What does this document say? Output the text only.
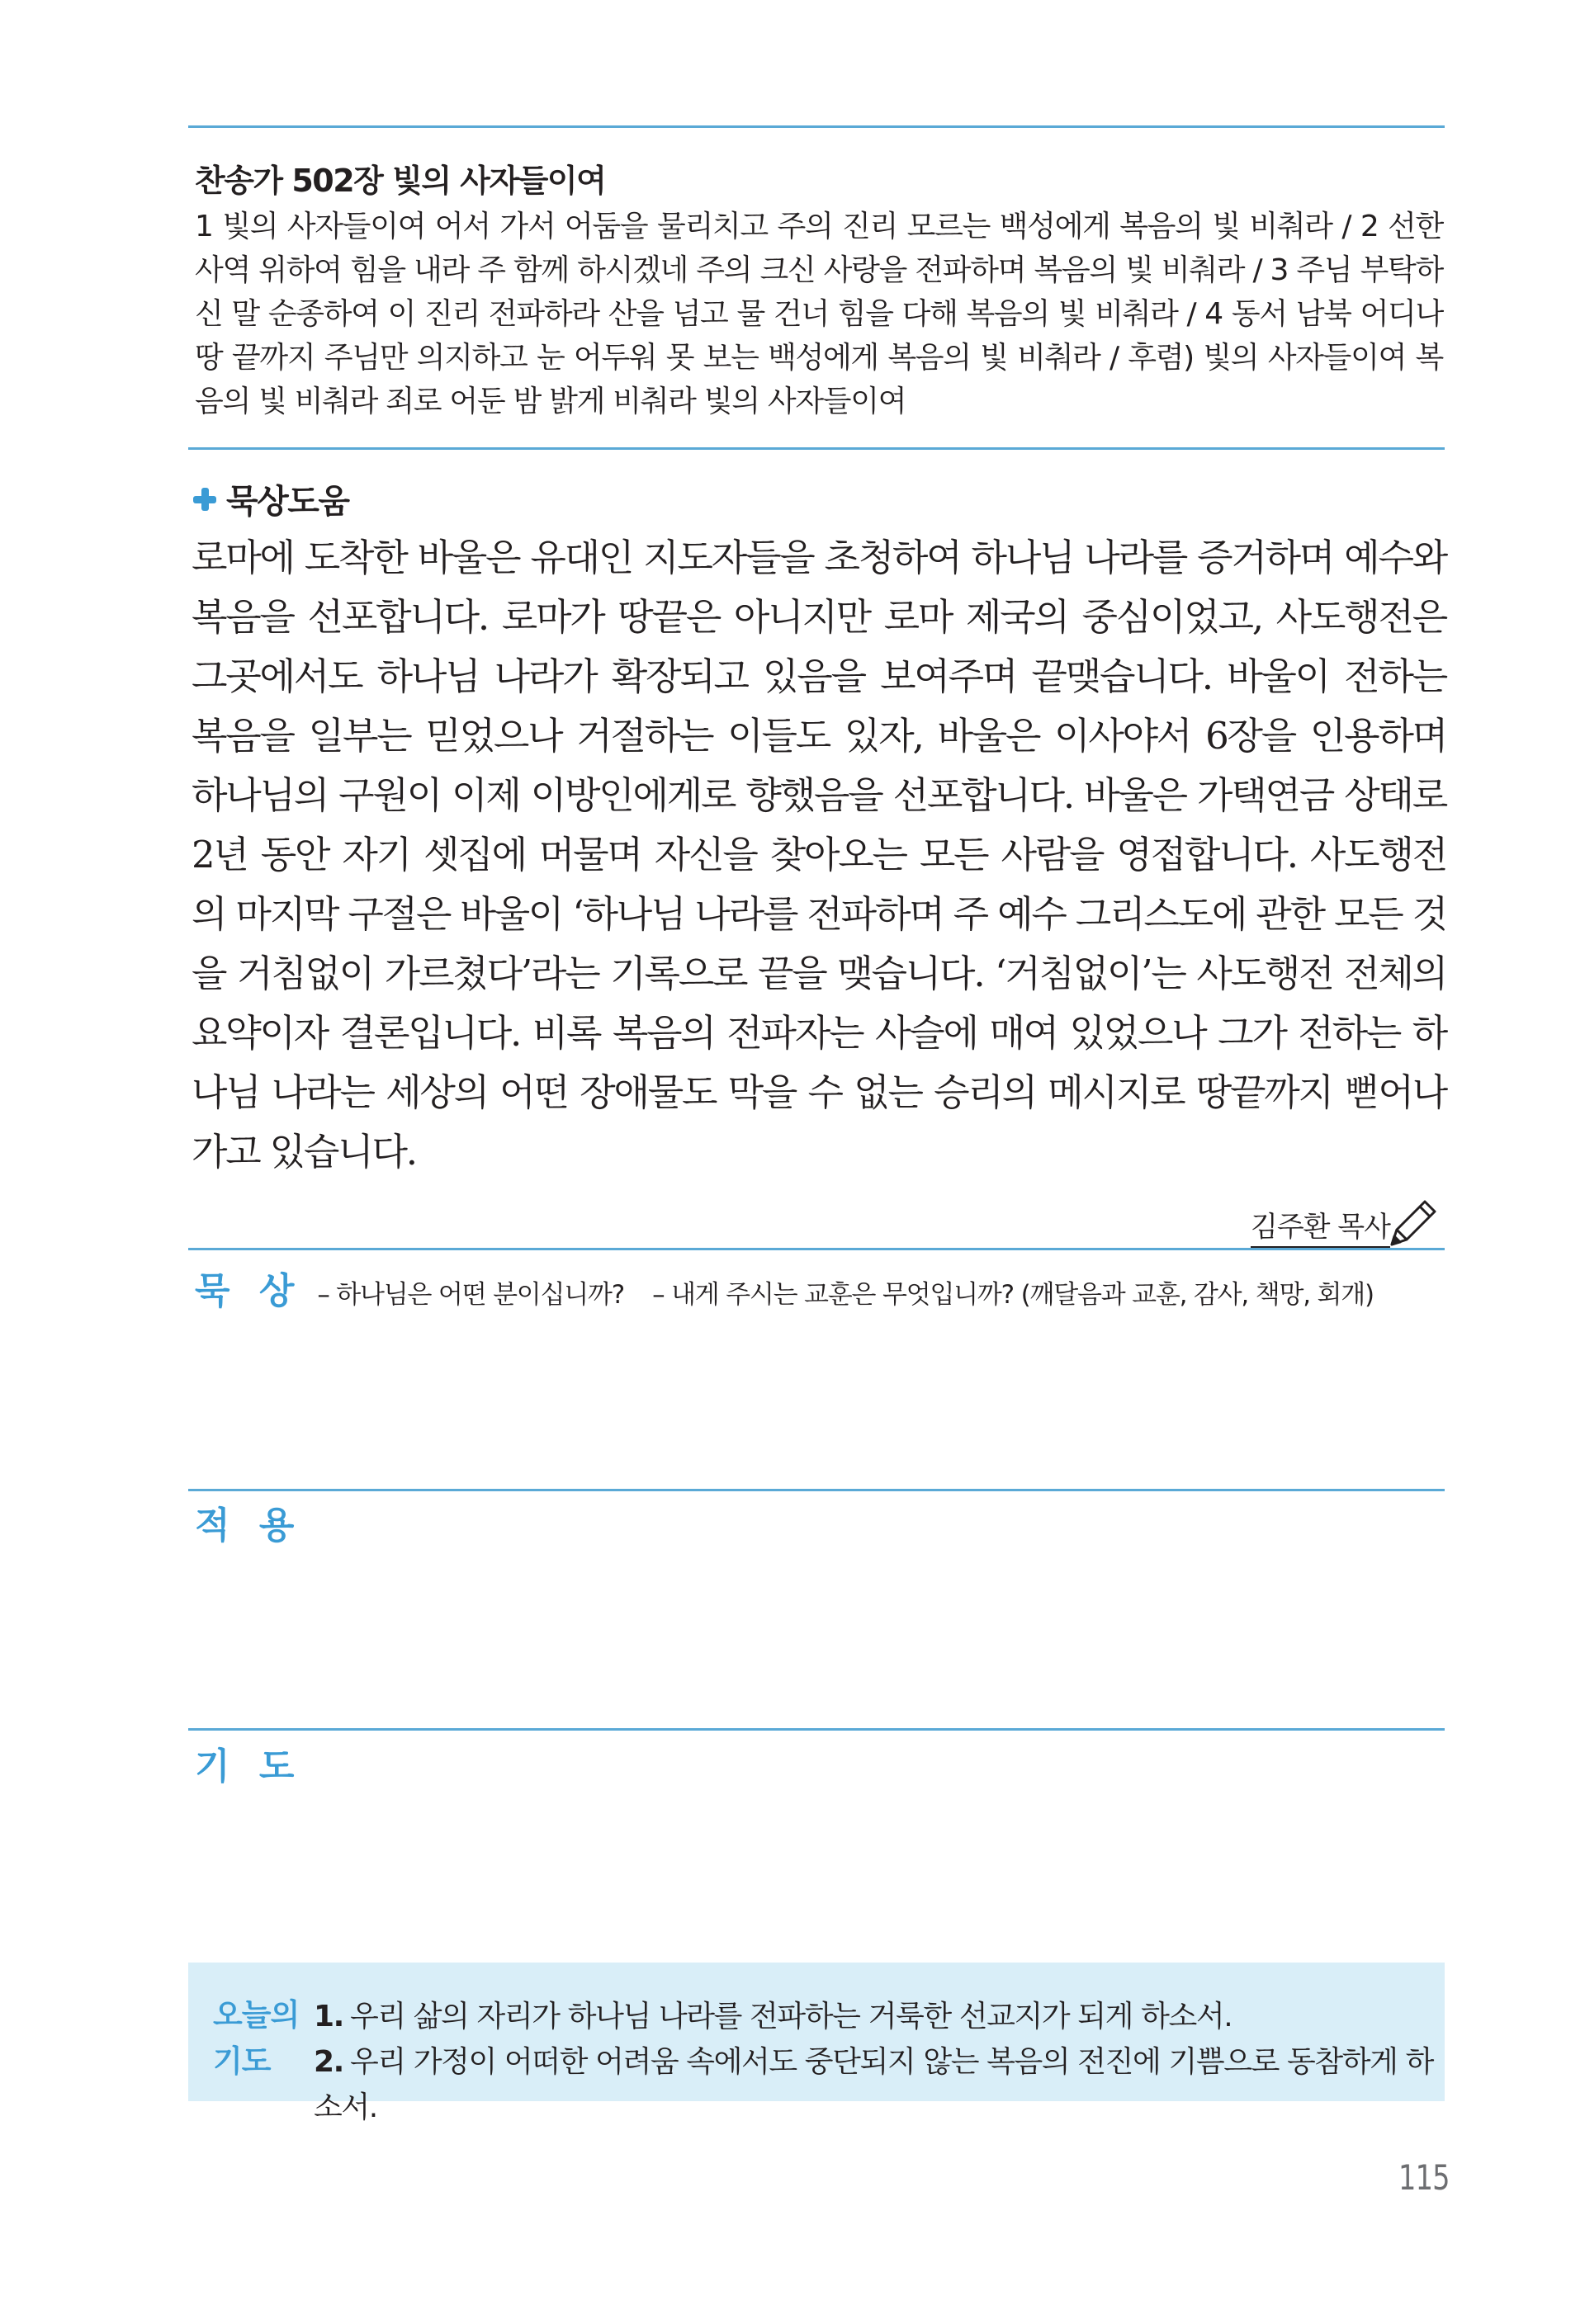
찬송가 502장 빛의 사자들이여

1 빛의 사자들이여 어서 가서 어둠을 물리치고 주의 진리 모르는 백성에게 복음의 빛 비춰라 / 2 선한 사역 위하여 힘을 내라 주 함께 하시겠네 주의 크신 사랑을 전파하며 복음의 빛 비춰라 / 3 주님 부탁하신 말 순종하여 이 진리 전파하라 산을 넘고 물 건너 힘을 다해 복음의 빛 비춰라 / 4 동서 남북 어디나 땅 끝까지 주님만 의지하고 눈 어두워 못 보는 백성에게 복음의 빛 비춰라 / 후렴) 빛의 사자들이여 복음의 빛 비춰라 죄로 어둔 밤 밝게 비춰라 빛의 사자들이여

묵상도움

로마에 도착한 바울은 유대인 지도자들을 초청하여 하나님 나라를 증거하며 예수와 복음을 선포합니다. 로마가 땅끝은 아니지만 로마 제국의 중심이었고, 사도행전은 그곳에서도 하나님 나라가 확장되고 있음을 보여주며 끝맺습니다. 바울이 전하는 복음을 일부는 믿었으나 거절하는 이들도 있자, 바울은 이사야서 6장을 인용하며 하나님의 구원이 이제 이방인에게로 향했음을 선포합니다. 바울은 가택연금 상태로 2년 동안 자기 셋집에 머물며 자신을 찾아오는 모든 사람을 영접합니다. 사도행전의 마지막 구절은 바울이 ‘하나님 나라를 전파하며 주 예수 그리스도에 관한 모든 것을 거침없이 가르쳤다’라는 기록으로 끝을 맺습니다. ‘거침없이’는 사도행전 전체의 요약이자 결론입니다. 비록 복음의 전파자는 사슬에 매여 있었으나 그가 전하는 하나님 나라는 세상의 어떤 장애물도 막을 수 없는 승리의 메시지로 땅끝까지 뻗어나가고 있습니다.

김주환 목사
묵 상 – 하나님은 어떤 분이십니까? – 내게 주시는 교훈은 무엇입니까? (깨달음과 교훈, 감사, 책망, 회개)
적 용
기 도
오늘의
기도
1. 우리 삶의 자리가 하나님 나라를 전파하는 거룩한 선교지가 되게 하소서.
2. 우리 가정이 어떠한 어려움 속에서도 중단되지 않는 복음의 전진에 기쁨으로 동참하게 하소서.
115
